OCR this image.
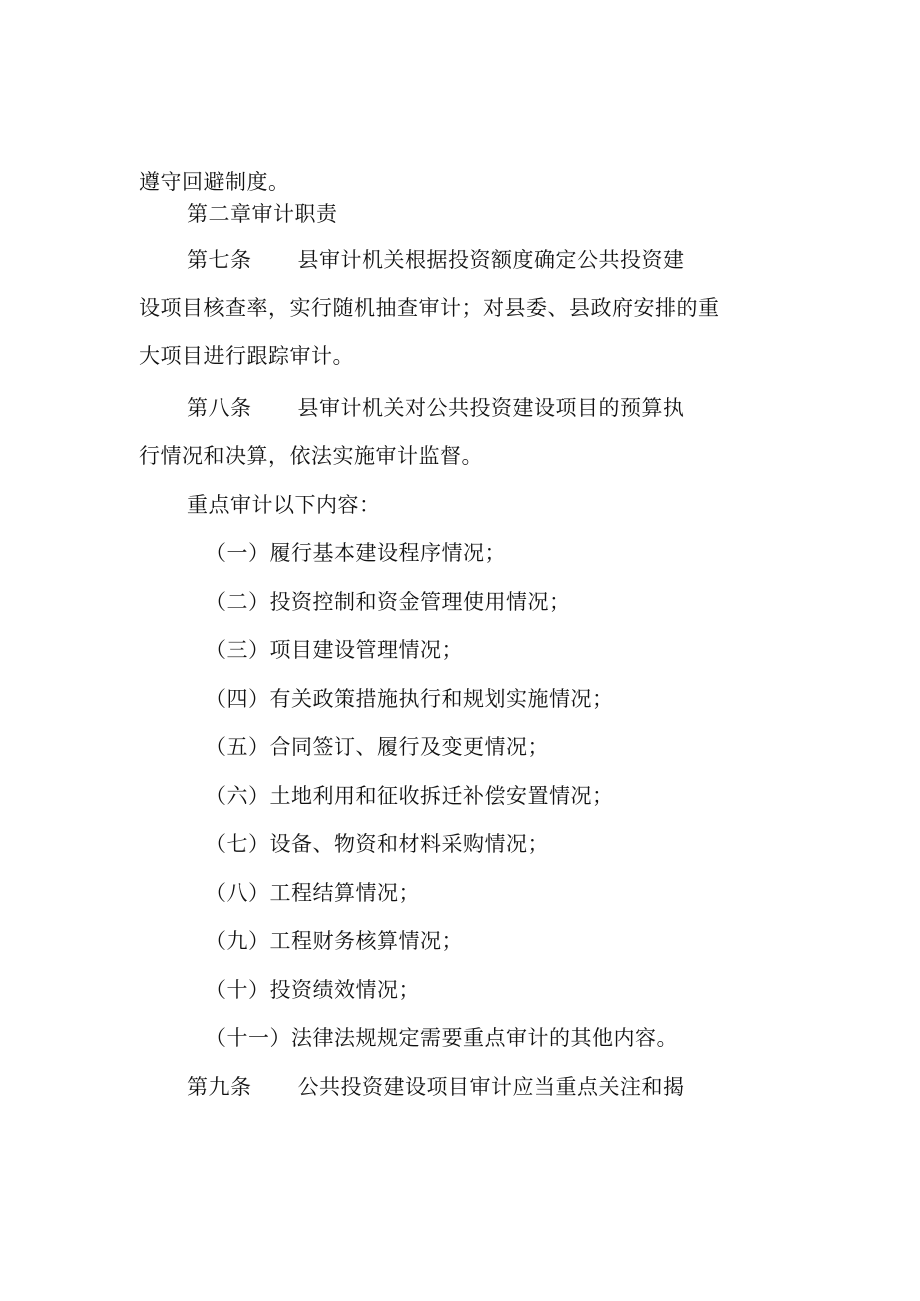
遵守回避制度。
第二章审计职责
第七条 县审计机关根据投资额度确定公共投资建
设项目核查率，实行随机抽查审计；对县委、县政府安排的重
大项目进行跟踪审计。
第八条 县审计机关对公共投资建设项目的预算执
行情况和决算，依法实施审计监督。
重点审计以下内容：
（一）履行基本建设程序情况；
（二）投资控制和资金管理使用情况；
（三）项目建设管理情况；
（四）有关政策措施执行和规划实施情况；
（五）合同签订、履行及变更情况；
（六）土地利用和征收拆迁补偿安置情况；
（七）设备、物资和材料采购情况；
（八）工程结算情况；
（九）工程财务核算情况；
（十）投资绩效情况；
（十一）法律法规规定需要重点审计的其他内容。
第九条 公共投资建设项目审计应当重点关注和揭
